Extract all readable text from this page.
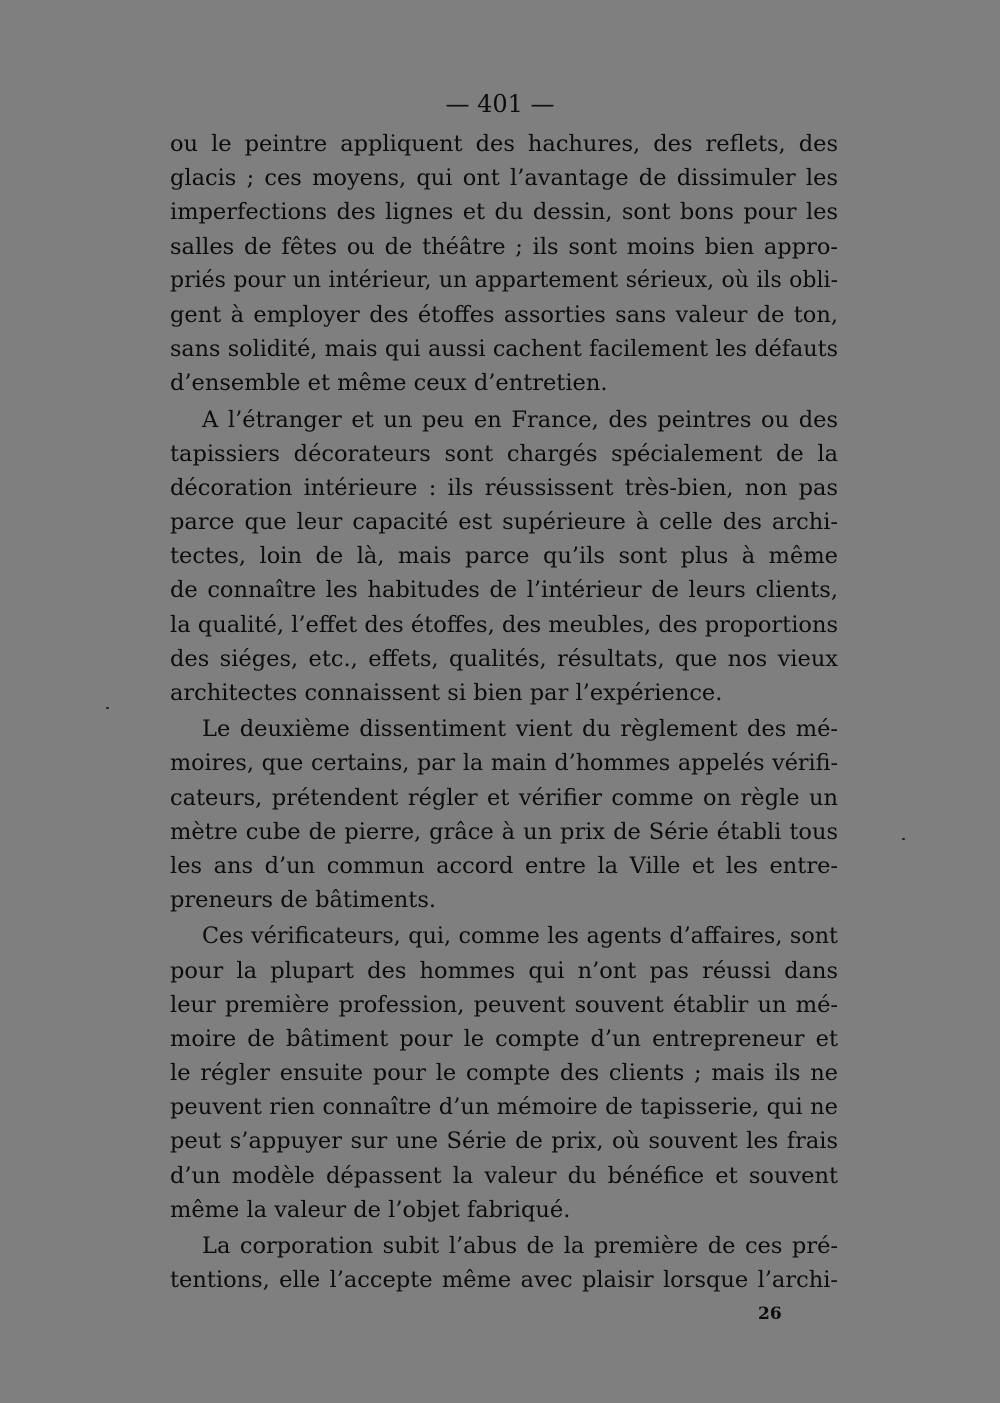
— 401 —

ou le peintre appliquent des hachures, des reflets, des
glacis ; ces moyens, qui ont l’avantage de dissimuler les
imperfections des lignes et du dessin, sont bons pour les
salles de fêtes ou de théâtre ; ils sont moins bien appro-
priés pour un intérieur, un appartement sérieux, où ils obli-
gent à employer des étoffes assorties sans valeur de ton,
sans solidité, mais qui aussi cachent facilement les défauts
d’ensemble et même ceux d’entretien.

A l’étranger et un peu en France, des peintres ou des
tapissiers décorateurs sont chargés spécialement de la
décoration intérieure : ils réussissent très-bien, non pas
parce que leur capacité est supérieure à celle des archi-
tectes, loin de là, mais parce qu’ils sont plus à même
de connaître les habitudes de l’intérieur de leurs clients,
la qualité, l’effet des étoffes, des meubles, des proportions
des siéges, etc., effets, qualités, résultats, que nos vieux
architectes connaissent si bien par l’expérience.

Le deuxième dissentiment vient du règlement des mé-
moires, que certains, par la main d’hommes appelés vérifi-
cateurs, prétendent régler et vérifier comme on règle un
mètre cube de pierre, grâce à un prix de Série établi tous
les ans d’un commun accord entre la Ville et les entre-
preneurs de bâtiments.

Ces vérificateurs, qui, comme les agents d’affaires, sont
pour la plupart des hommes qui n’ont pas réussi dans
leur première profession, peuvent souvent établir un mé-
moire de bâtiment pour le compte d’un entrepreneur et
le régler ensuite pour le compte des clients ; mais ils ne
peuvent rien connaître d’un mémoire de tapisserie, qui ne
peut s’appuyer sur une Série de prix, où souvent les frais
d’un modèle dépassent la valeur du bénéfice et souvent
même la valeur de l’objet fabriqué.

La corporation subit l’abus de la première de ces pré-
tentions, elle l’accepte même avec plaisir lorsque l’archi-

26
